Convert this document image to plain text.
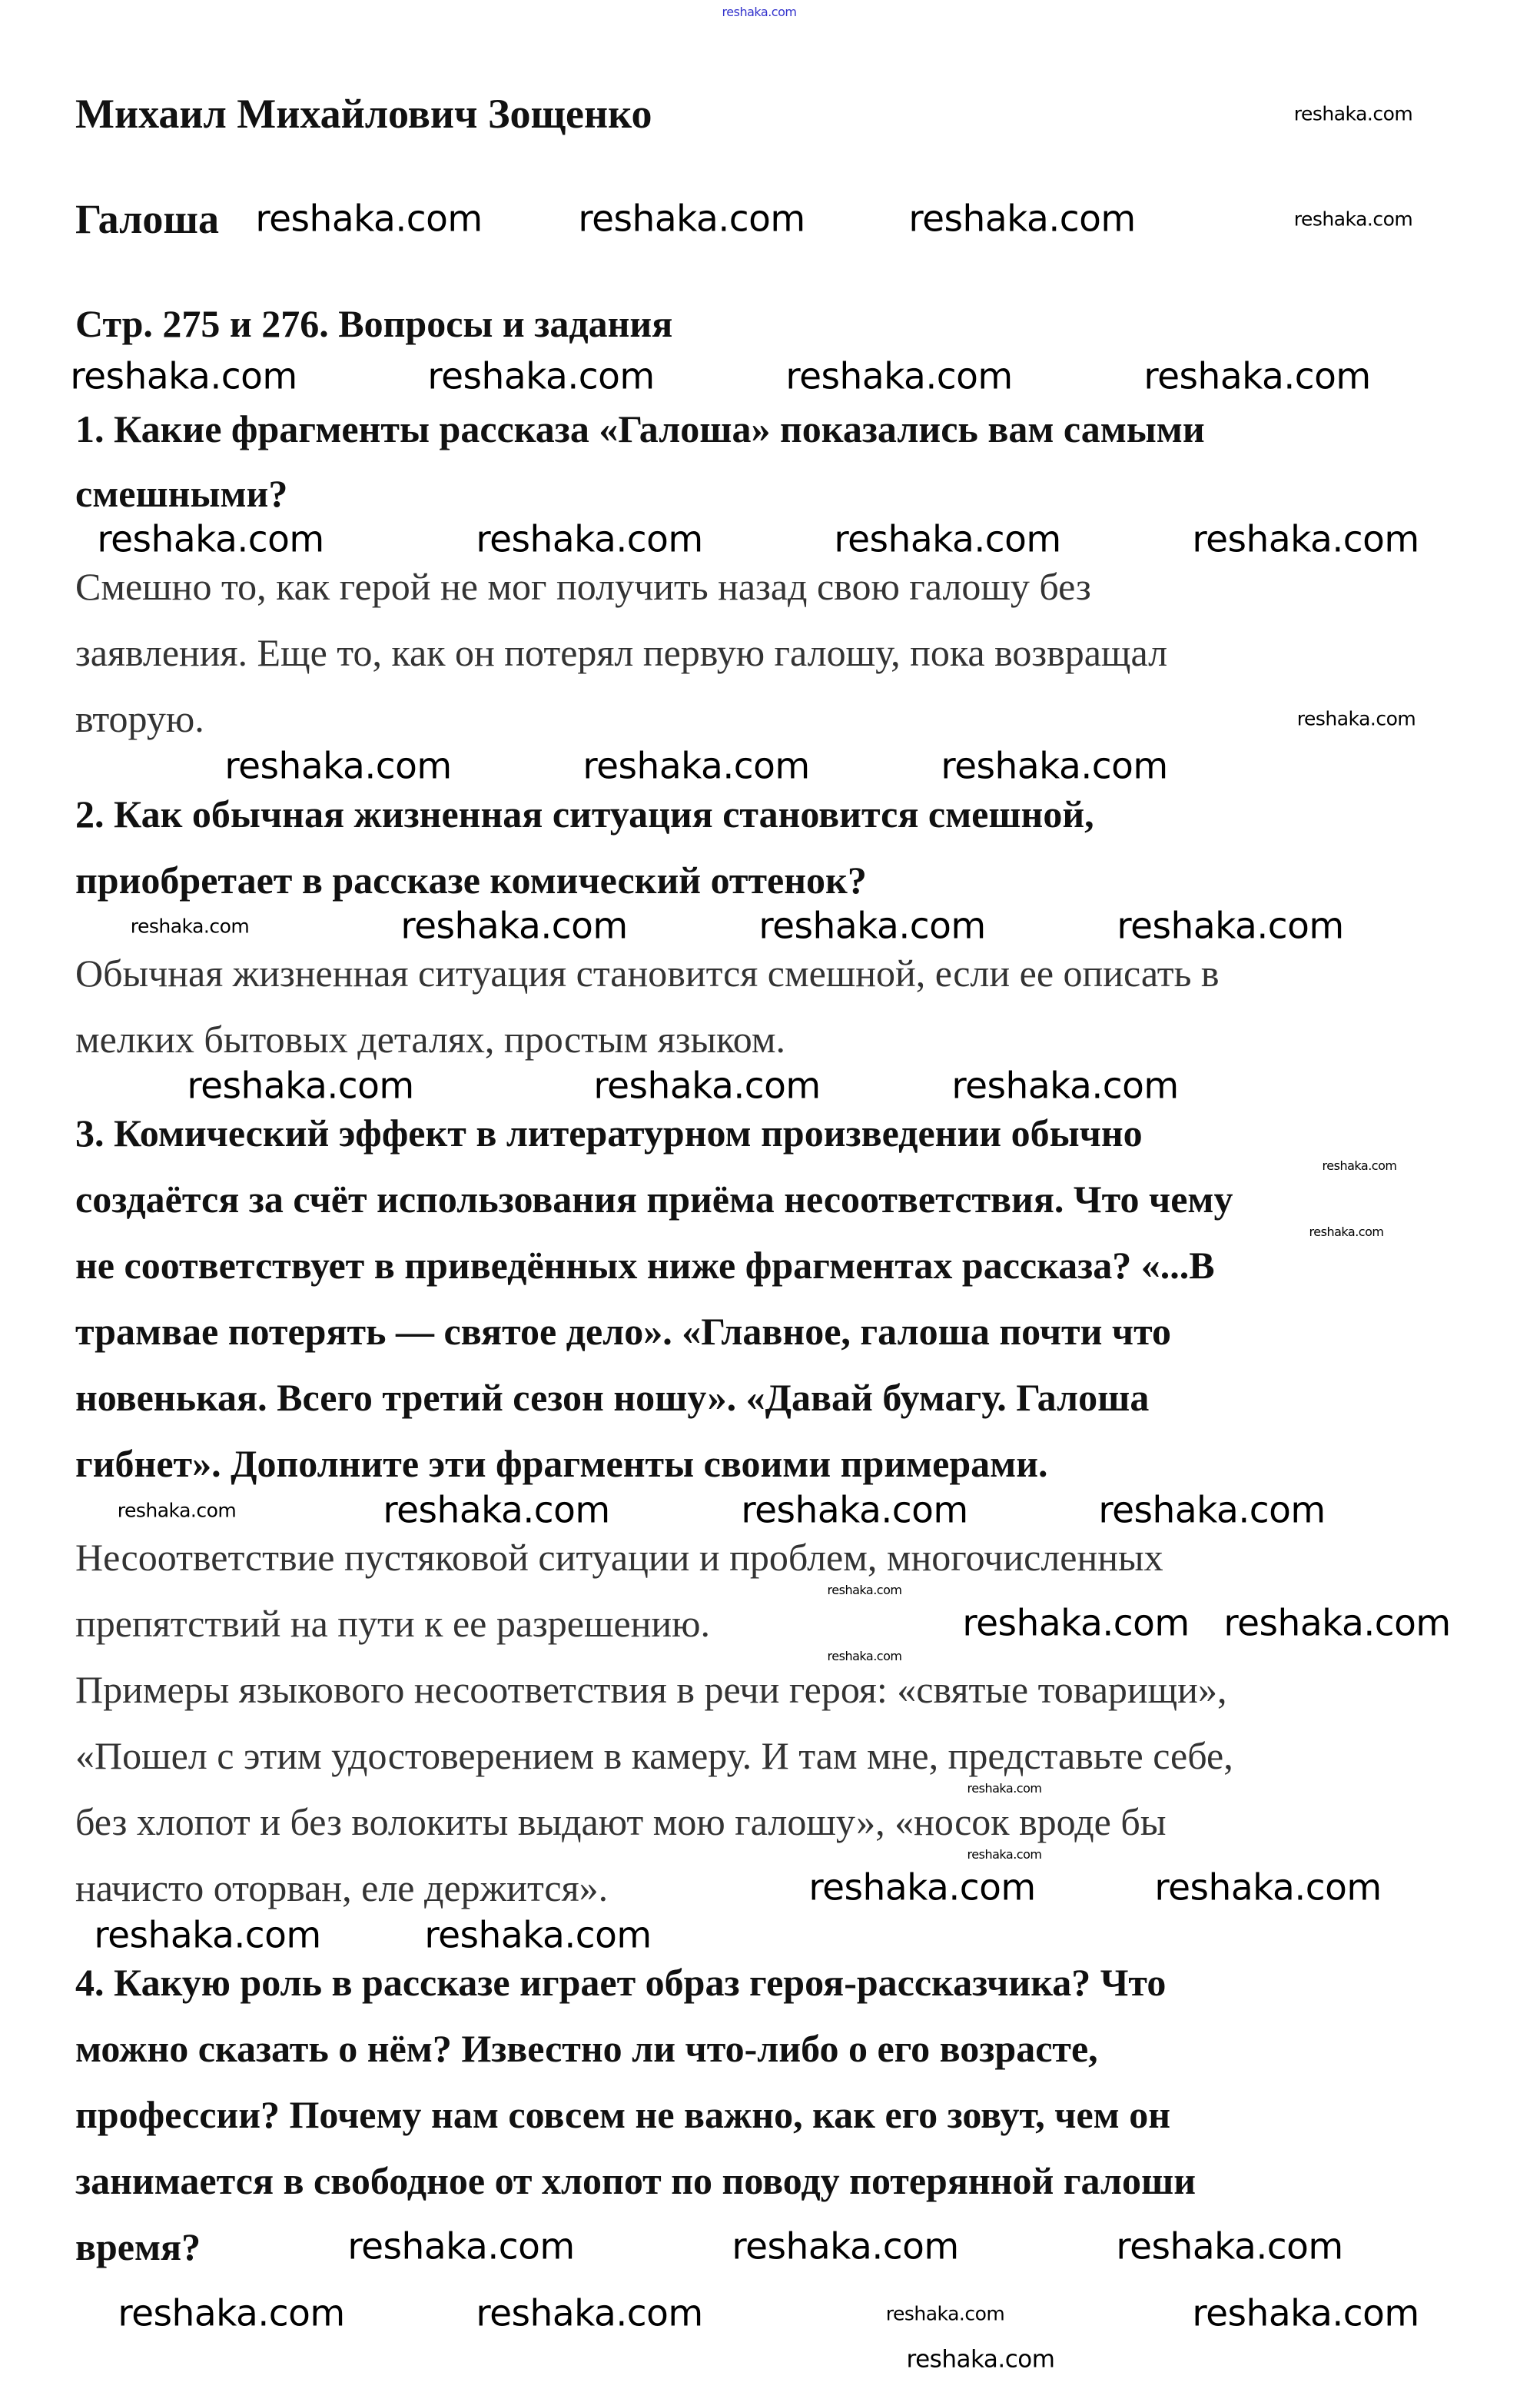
Михаил Михайлович Зощенко
Галоша
Стр. 275 и 276. Вопросы и задания
1. Какие фрагменты рассказа «Галоша» показались вам самыми
смешными?
Смешно то, как герой не мог получить назад свою галошу без
заявления. Еще то, как он потерял первую галошу, пока возвращал
вторую.
2. Как обычная жизненная ситуация становится смешной,
приобретает в рассказе комический оттенок?
Обычная жизненная ситуация становится смешной, если ее описать в
мелких бытовых деталях, простым языком.
3. Комический эффект в литературном произведении обычно
создаётся за счёт использования приёма несоответствия. Что чему
не соответствует в приведённых ниже фрагментах рассказа? «...В
трамвае потерять — святое дело». «Главное, галоша почти что
новенькая. Всего третий сезон ношу». «Давай бумагу. Галоша
гибнет». Дополните эти фрагменты своими примерами.
Несоответствие пустяковой ситуации и проблем, многочисленных
препятствий на пути к ее разрешению.
Примеры языкового несоответствия в речи героя: «святые товарищи»,
«Пошел с этим удостоверением в камеру. И там мне, представьте себе,
без хлопот и без волокиты выдают мою галошу», «носок вроде бы
начисто оторван, еле держится».
4. Какую роль в рассказе играет образ героя-рассказчика? Что
можно сказать о нём? Известно ли что-либо о его возрасте,
профессии? Почему нам совсем не важно, как его зовут, чем он
занимается в свободное от хлопот по поводу потерянной галоши
время?
reshaka.com
reshaka.com
reshaka.com	reshaka.com	reshaka.com	reshaka.com
reshaka.com	reshaka.com	reshaka.com	reshaka.com
reshaka.com	reshaka.com	reshaka.com	reshaka.com
reshaka.com
reshaka.com	reshaka.com	reshaka.com
reshaka.com	reshaka.com	reshaka.com	reshaka.com
reshaka.com	reshaka.com	reshaka.com
reshaka.com
reshaka.com
reshaka.com	reshaka.com	reshaka.com	reshaka.com
reshaka.com
reshaka.com reshaka.com
reshaka.com
reshaka.com
reshaka.com
reshaka.com	reshaka.com
reshaka.com	reshaka.com
reshaka.com	reshaka.com	reshaka.com
reshaka.com	reshaka.com	reshaka.com	reshaka.com
reshaka.com
